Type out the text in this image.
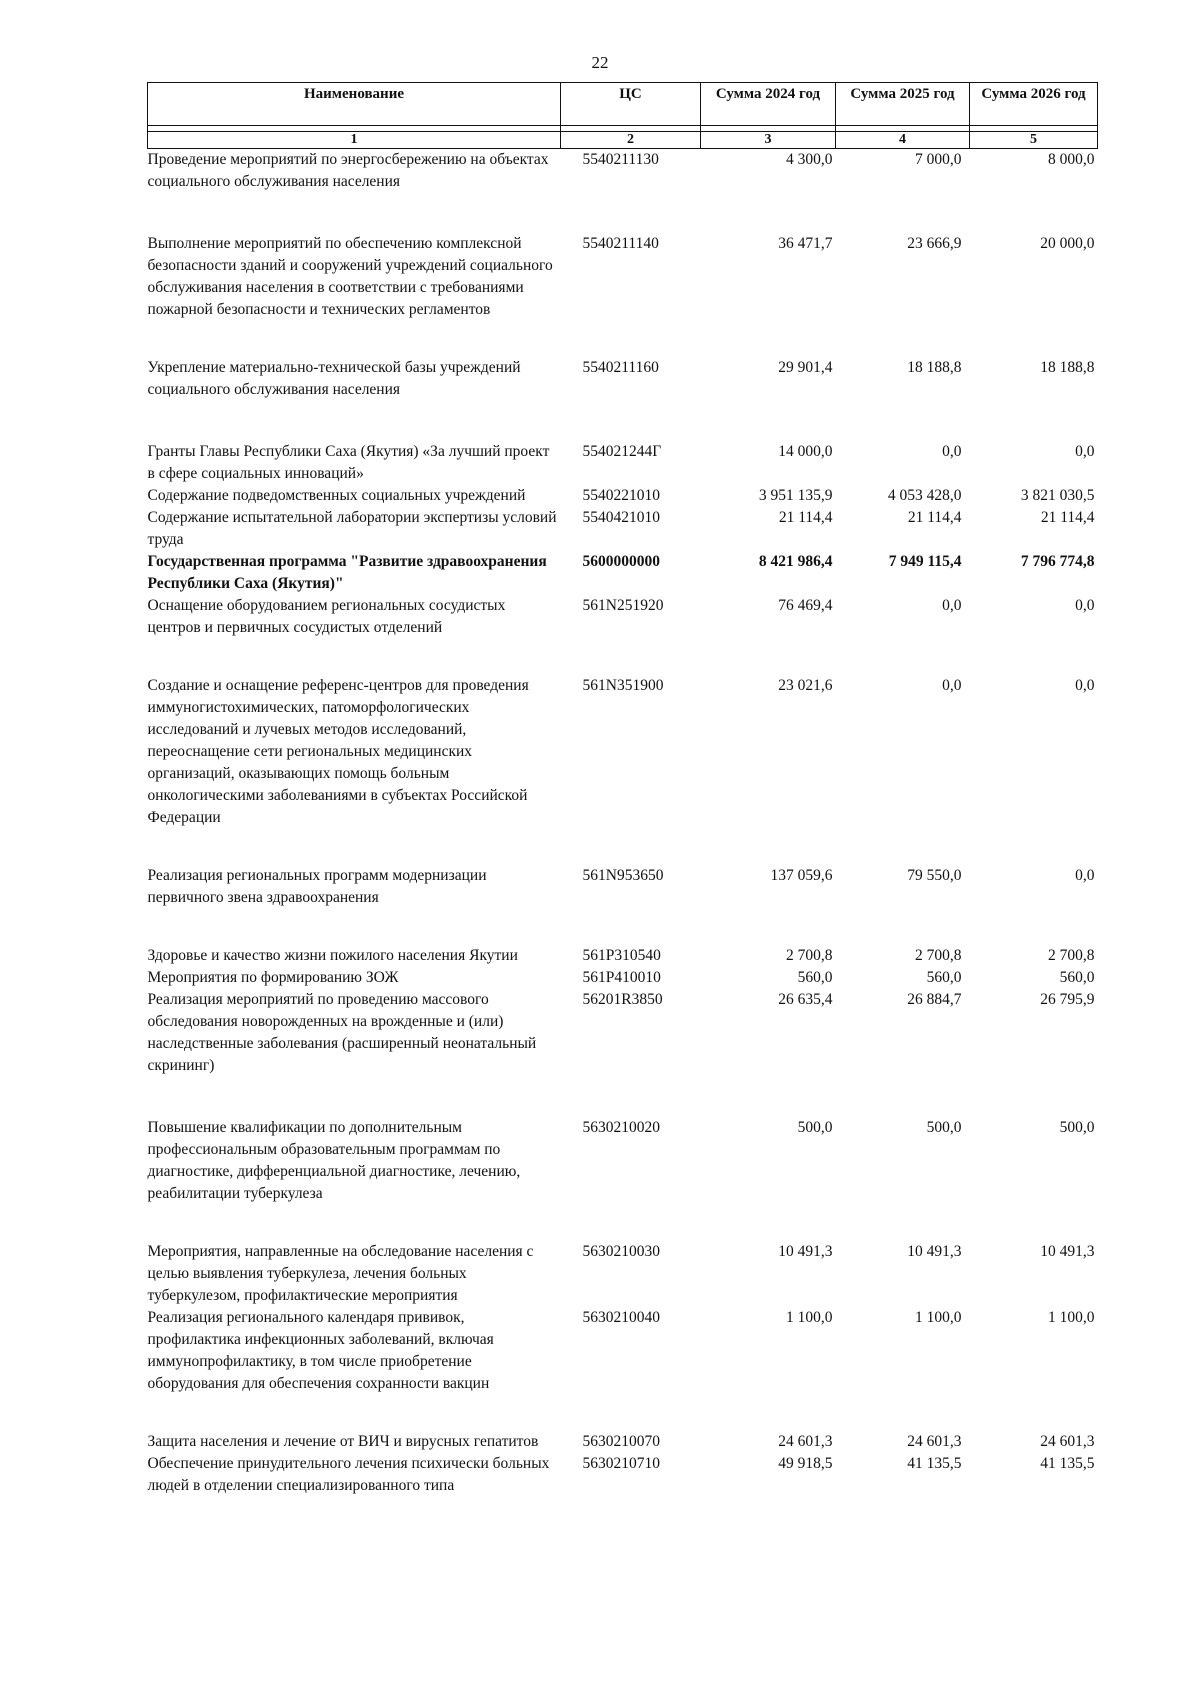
22
Наименование	ЦС	Сумма 2024 год	Сумма 2025 год	Сумма 2026 год

1	2	3	4	5
Проведение мероприятий по энергосбережению на объектах социального обслуживания населения	5540211130	4 300,0	7 000,0	8 000,0
Выполнение мероприятий по обеспечению комплексной безопасности зданий и сооружений учреждений социального обслуживания населения в соответствии с требованиями пожарной безопасности и технических регламентов	5540211140	36 471,7	23 666,9	20 000,0
Укрепление материально-технической базы учреждений социального обслуживания населения	5540211160	29 901,4	18 188,8	18 188,8
Гранты Главы Республики Саха (Якутия) «За лучший проект в сфере социальных инноваций»	554021244Г	14 000,0	0,0	0,0
Содержание подведомственных социальных учреждений	5540221010	3 951 135,9	4 053 428,0	3 821 030,5
Содержание испытательной лаборатории экспертизы условий труда	5540421010	21 114,4	21 114,4	21 114,4
Государственная программа "Развитие здравоохранения Республики Саха (Якутия)"	5600000000	8 421 986,4	7 949 115,4	7 796 774,8
Оснащение оборудованием региональных сосудистых центров и первичных сосудистых отделений	561N251920	76 469,4	0,0	0,0
Создание и оснащение референс-центров для проведения иммуногистохимических, патоморфологических исследований и лучевых методов исследований, переоснащение сети региональных медицинских организаций, оказывающих помощь больным онкологическими заболеваниями в субъектах Российской Федерации	561N351900	23 021,6	0,0	0,0
Реализация региональных программ модернизации первичного звена здравоохранения	561N953650	137 059,6	79 550,0	0,0
Здоровье и качество жизни пожилого населения Якутии	561P310540	2 700,8	2 700,8	2 700,8
Мероприятия по формированию ЗОЖ	561P410010	560,0	560,0	560,0
Реализация мероприятий по проведению массового обследования новорожденных на врожденные и (или) наследственные заболевания (расширенный неонатальный скрининг)	56201R3850	26 635,4	26 884,7	26 795,9
Повышение квалификации по дополнительным профессиональным образовательным программам по диагностике, дифференциальной диагностике, лечению, реабилитации туберкулеза	5630210020	500,0	500,0	500,0
Мероприятия, направленные на обследование населения с целью выявления туберкулеза, лечения больных туберкулезом, профилактические мероприятия	5630210030	10 491,3	10 491,3	10 491,3
Реализация регионального календаря прививок, профилактика инфекционных заболеваний, включая иммунопрофилактику, в том числе приобретение оборудования для обеспечения сохранности вакцин	5630210040	1 100,0	1 100,0	1 100,0
Защита населения и лечение от ВИЧ и вирусных гепатитов	5630210070	24 601,3	24 601,3	24 601,3
Обеспечение принудительного лечения психически больных людей в отделении специализированного типа	5630210710	49 918,5	41 135,5	41 135,5
